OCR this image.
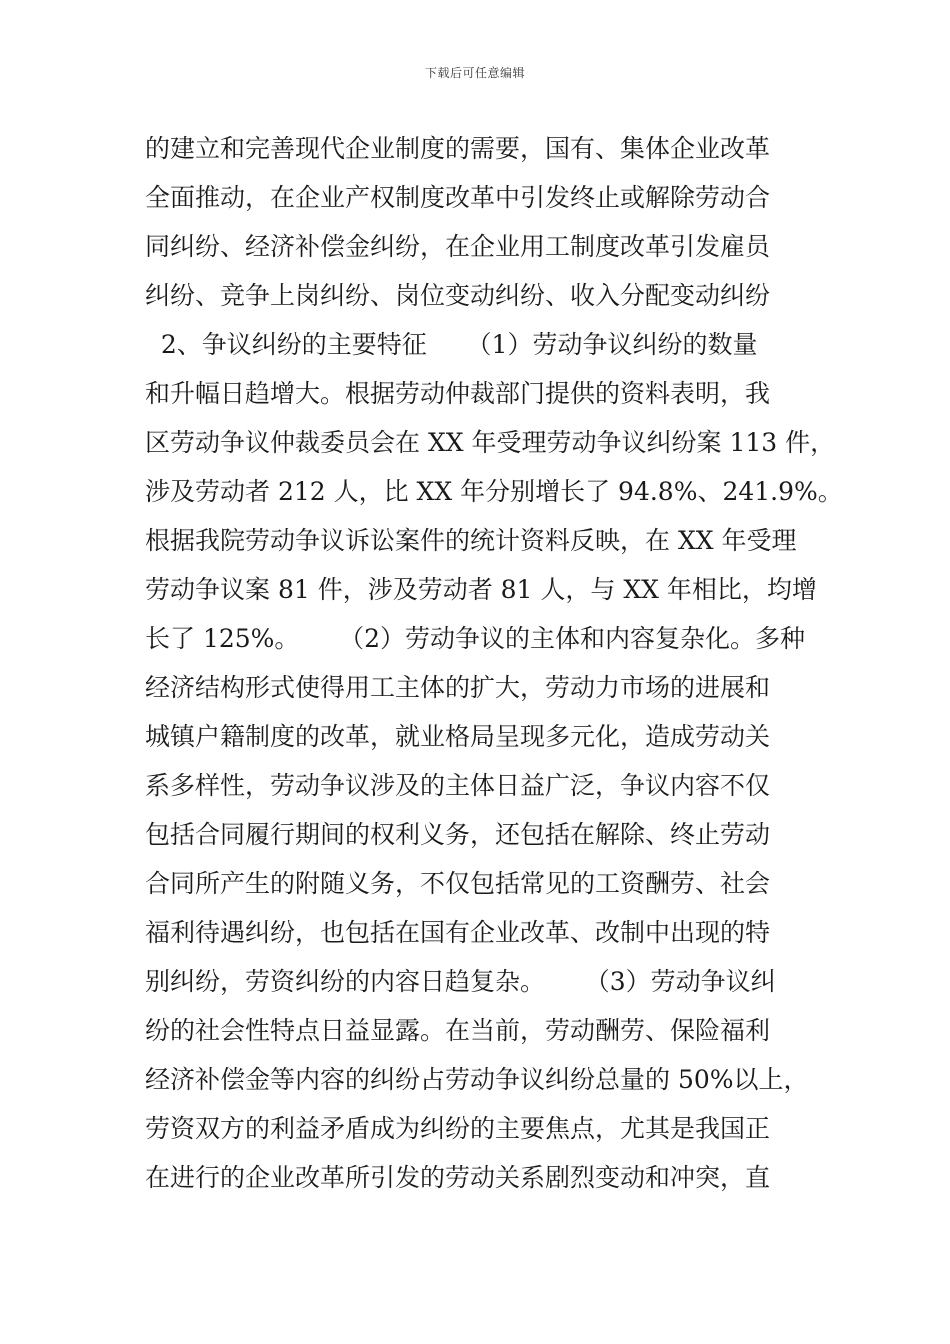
下载后可任意编辑
的建立和完善现代企业制度的需要，国有、集体企业改革
全面推动，在企业产权制度改革中引发终止或解除劳动合
同纠纷、经济补偿金纠纷，在企业用工制度改革引发雇员
纠纷、竞争上岗纠纷、岗位变动纠纷、收入分配变动纠纷
2、争议纠纷的主要特征     （1）劳动争议纠纷的数量
和升幅日趋增大。根据劳动仲裁部门提供的资料表明，我
区劳动争议仲裁委员会在 XX 年受理劳动争议纠纷案 113 件，
涉及劳动者 212 人，比 XX 年分别增长了 94.8%、241.9%。
根据我院劳动争议诉讼案件的统计资料反映，在 XX 年受理
劳动争议案 81 件，涉及劳动者 81 人，与 XX 年相比，均增
长了 125%。     （2）劳动争议的主体和内容复杂化。多种
经济结构形式使得用工主体的扩大，劳动力市场的进展和
城镇户籍制度的改革，就业格局呈现多元化，造成劳动关
系多样性，劳动争议涉及的主体日益广泛，争议内容不仅
包括合同履行期间的权利义务，还包括在解除、终止劳动
合同所产生的附随义务，不仅包括常见的工资酬劳、社会
福利待遇纠纷，也包括在国有企业改革、改制中出现的特
别纠纷，劳资纠纷的内容日趋复杂。     （3）劳动争议纠
纷的社会性特点日益显露。在当前，劳动酬劳、保险福利
经济补偿金等内容的纠纷占劳动争议纠纷总量的 50%以上，
劳资双方的利益矛盾成为纠纷的主要焦点，尤其是我国正
在进行的企业改革所引发的劳动关系剧烈变动和冲突，直
